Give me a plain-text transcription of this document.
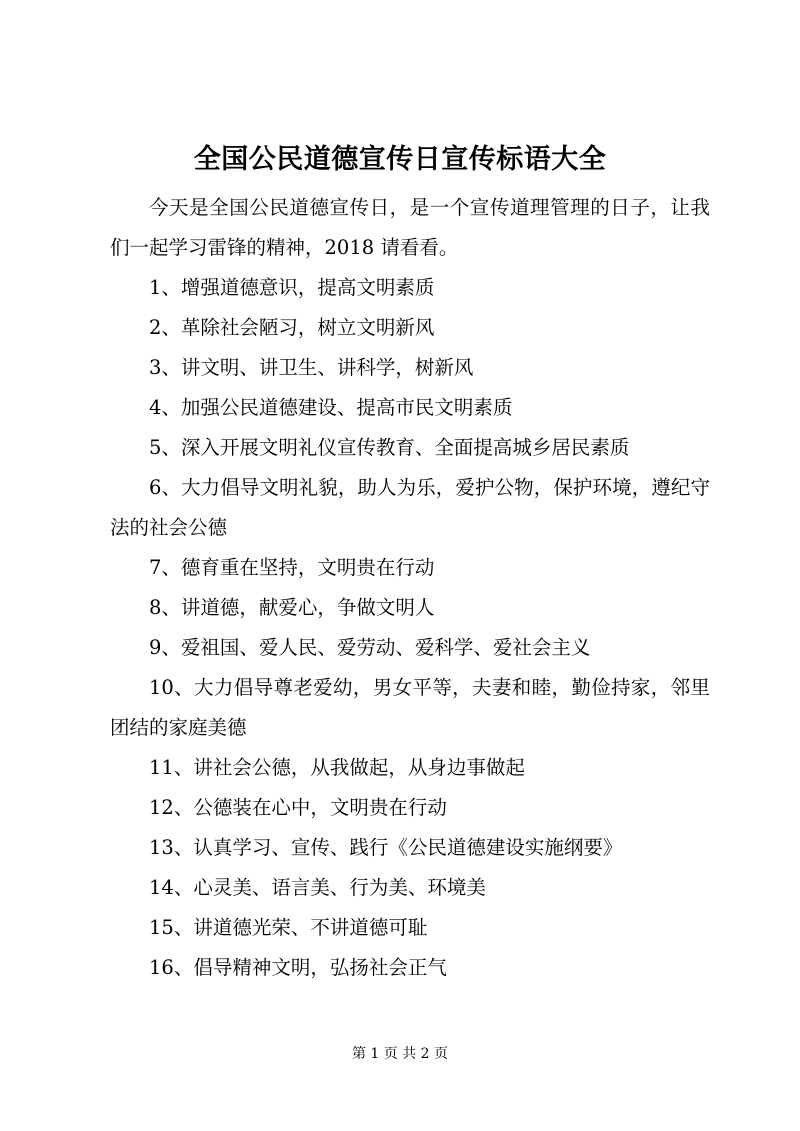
全国公民道德宣传日宣传标语大全

今天是全国公民道德宣传日，是一个宣传道理管理的日子，让我们一起学习雷锋的精神，2018 请看看。

1、增强道德意识，提高文明素质

2、革除社会陋习，树立文明新风

3、讲文明、讲卫生、讲科学，树新风

4、加强公民道德建设、提高市民文明素质

5、深入开展文明礼仪宣传教育、全面提高城乡居民素质

6、大力倡导文明礼貌，助人为乐，爱护公物，保护环境，遵纪守法的社会公德

7、德育重在坚持，文明贵在行动

8、讲道德，献爱心，争做文明人

9、爱祖国、爱人民、爱劳动、爱科学、爱社会主义

10、大力倡导尊老爱幼，男女平等，夫妻和睦，勤俭持家，邻里团结的家庭美德

11、讲社会公德，从我做起，从身边事做起

12、公德装在心中，文明贵在行动

13、认真学习、宣传、践行《公民道德建设实施纲要》

14、心灵美、语言美、行为美、环境美

15、讲道德光荣、不讲道德可耻

16、倡导精神文明，弘扬社会正气

第 1 页 共 2 页
